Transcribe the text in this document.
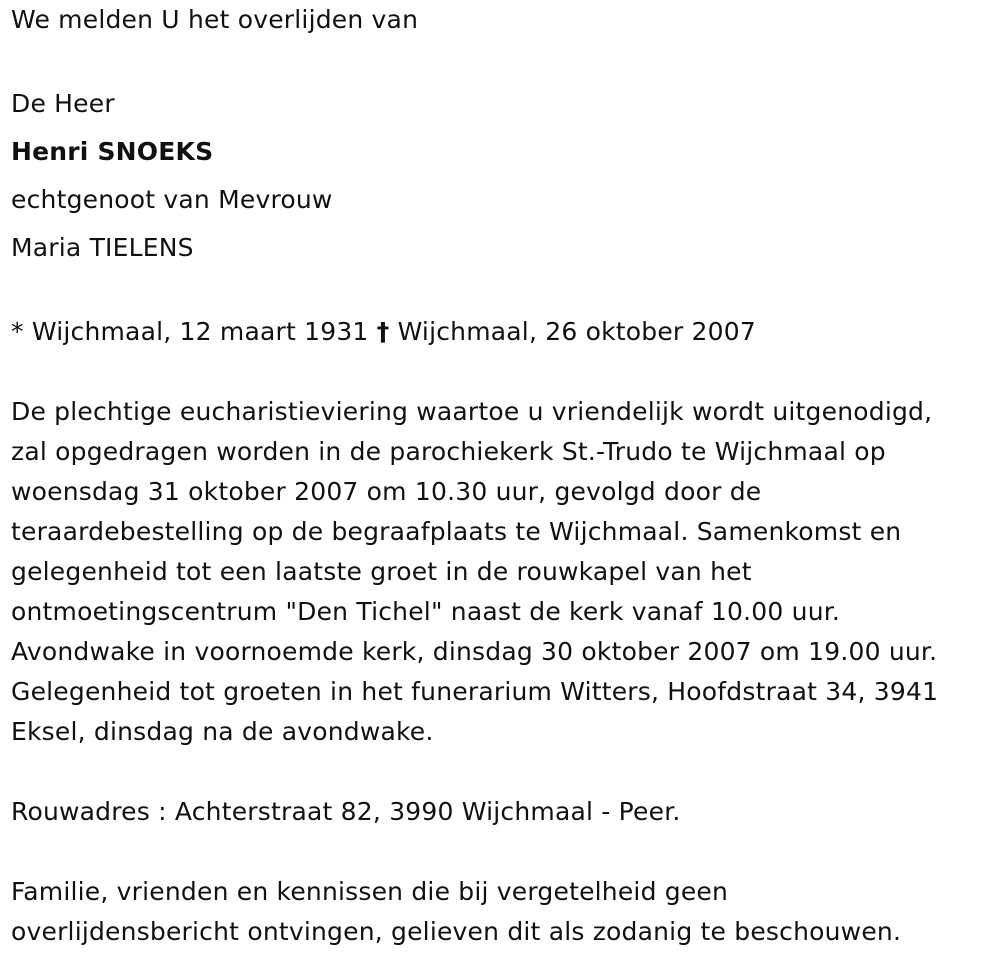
We melden U het overlijden van
De Heer
Henri SNOEKS
echtgenoot van Mevrouw
Maria TIELENS
* Wijchmaal, 12 maart 1931 † Wijchmaal, 26 oktober 2007
De plechtige eucharistieviering waartoe u vriendelijk wordt uitgenodigd,
zal opgedragen worden in de parochiekerk St.-Trudo te Wijchmaal op
woensdag 31 oktober 2007 om 10.30 uur, gevolgd door de
teraardebestelling op de begraafplaats te Wijchmaal. Samenkomst en
gelegenheid tot een laatste groet in de rouwkapel van het
ontmoetingscentrum "Den Tichel" naast de kerk vanaf 10.00 uur.
Avondwake in voornoemde kerk, dinsdag 30 oktober 2007 om 19.00 uur.
Gelegenheid tot groeten in het funerarium Witters, Hoofdstraat 34, 3941
Eksel, dinsdag na de avondwake.
Rouwadres : Achterstraat 82, 3990 Wijchmaal - Peer.
Familie, vrienden en kennissen die bij vergetelheid geen
overlijdensbericht ontvingen, gelieven dit als zodanig te beschouwen.
